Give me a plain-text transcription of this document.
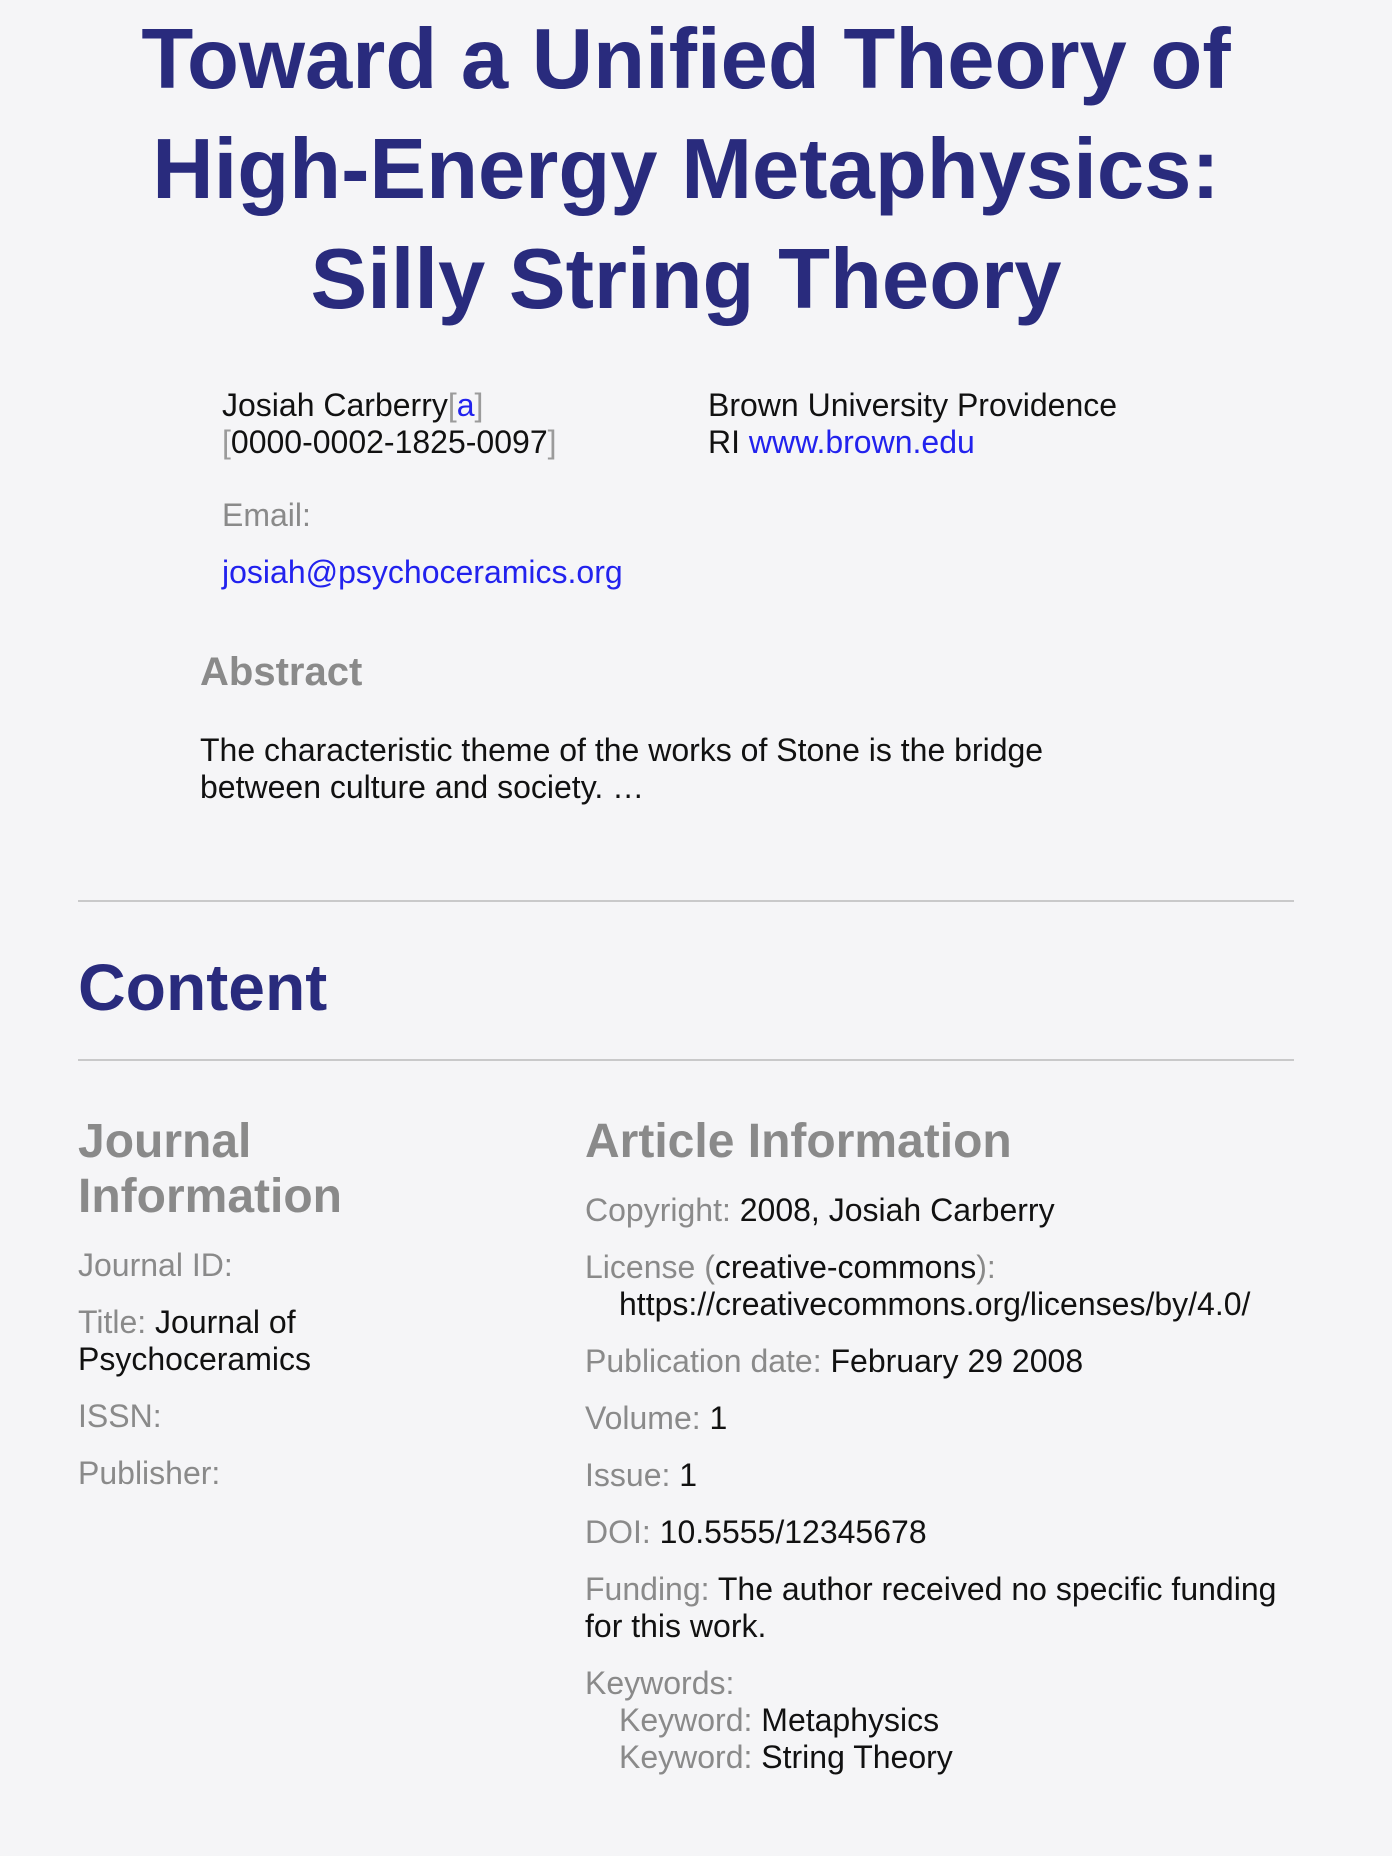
Toward a Unified Theory of High-Energy Metaphysics: Silly String Theory

Josiah Carberry[a]
[0000-0002-1825-0097]

Brown University Providence
RI www.brown.edu

Email:

josiah@psychoceramics.org

Abstract

The characteristic theme of the works of Stone is the bridge between culture and society. …

Content
Journal Information

Journal ID:

Title: Journal of Psychoceramics

ISSN:

Publisher:

Article Information

Copyright: 2008, Josiah Carberry

License (creative-commons):
https://creativecommons.org/licenses/by/4.0/

Publication date: February 29 2008

Volume: 1

Issue: 1

DOI: 10.5555/12345678

Funding: The author received no specific funding for this work.

Keywords:
Keyword: Metaphysics
Keyword: String Theory
